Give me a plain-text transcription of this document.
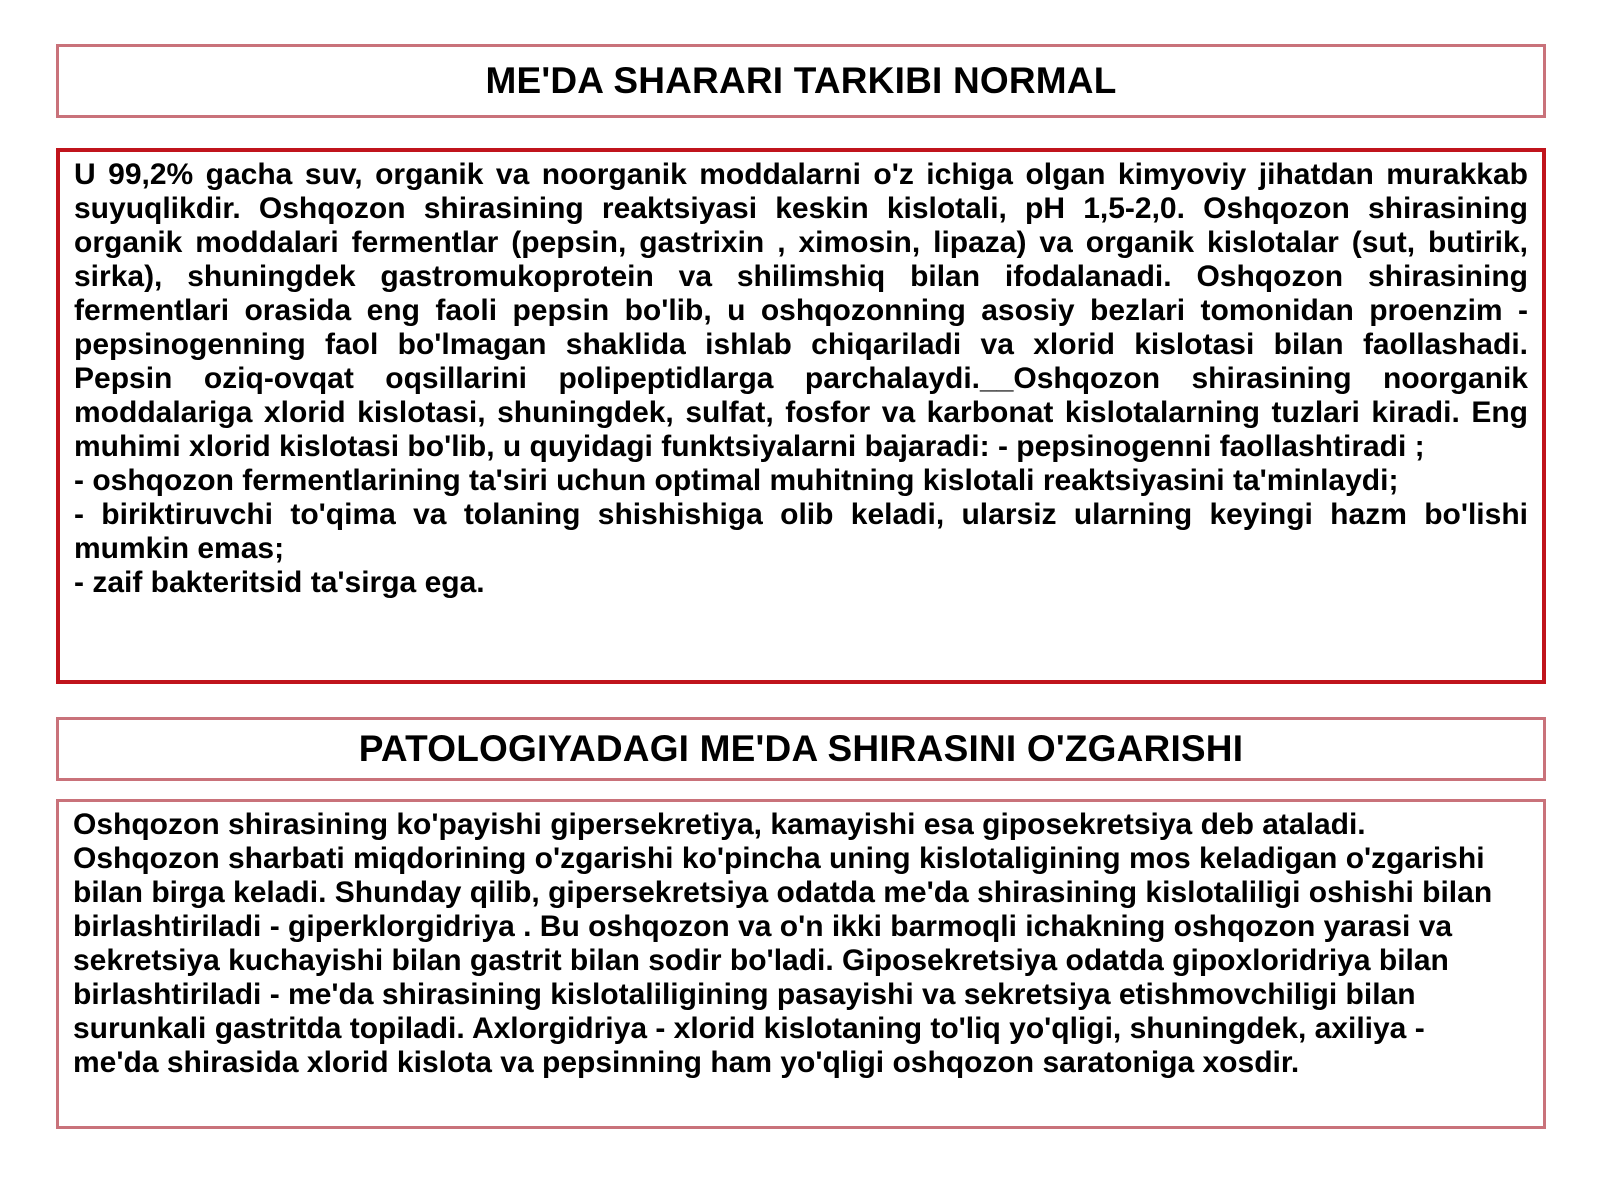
ME'DA SHARARI TARKIBI NORMAL
U 99,2% gacha suv, organik va noorganik moddalarni o'z ichiga olgan kimyoviy jihatdan murakkab
suyuqlikdir. Oshqozon shirasining reaktsiyasi keskin kislotali, pH 1,5-2,0. Oshqozon shirasining
organik moddalari fermentlar (pepsin, gastrixin , ximosin, lipaza) va organik kislotalar (sut, butirik,
sirka), shuningdek gastromukoprotein va shilimshiq bilan ifodalanadi. Oshqozon shirasining
fermentlari orasida eng faoli pepsin bo'lib, u oshqozonning asosiy bezlari tomonidan proenzim -
pepsinogenning faol bo'lmagan shaklida ishlab chiqariladi va xlorid kislotasi bilan faollashadi.
Pepsin oziq-ovqat oqsillarini polipeptidlarga parchalaydi.__Oshqozon shirasining noorganik
moddalariga xlorid kislotasi, shuningdek, sulfat, fosfor va karbonat kislotalarning tuzlari kiradi. Eng
muhimi xlorid kislotasi bo'lib, u quyidagi funktsiyalarni bajaradi: - pepsinogenni faollashtiradi ;
- oshqozon fermentlarining ta'siri uchun optimal muhitning kislotali reaktsiyasini ta'minlaydi;
- biriktiruvchi to'qima va tolaning shishishiga olib keladi, ularsiz ularning keyingi hazm bo'lishi
mumkin emas;
- zaif bakteritsid ta'sirga ega.
PATOLOGIYADAGI ME'DA SHIRASINI O'ZGARISHI
Oshqozon shirasining ko'payishi gipersekretiya, kamayishi esa giposekretsiya deb ataladi.
Oshqozon sharbati miqdorining o'zgarishi ko'pincha uning kislotaligining mos keladigan o'zgarishi
bilan birga keladi. Shunday qilib, gipersekretsiya odatda me'da shirasining kislotaliligi oshishi bilan
birlashtiriladi - giperklorgidriya . Bu oshqozon va o'n ikki barmoqli ichakning oshqozon yarasi va
sekretsiya kuchayishi bilan gastrit bilan sodir bo'ladi. Giposekretsiya odatda gipoxloridriya bilan
birlashtiriladi - me'da shirasining kislotaliligining pasayishi va sekretsiya etishmovchiligi bilan
surunkali gastritda topiladi. Axlorgidriya - xlorid kislotaning to'liq yo'qligi, shuningdek, axiliya -
me'da shirasida xlorid kislota va pepsinning ham yo'qligi oshqozon saratoniga xosdir.
